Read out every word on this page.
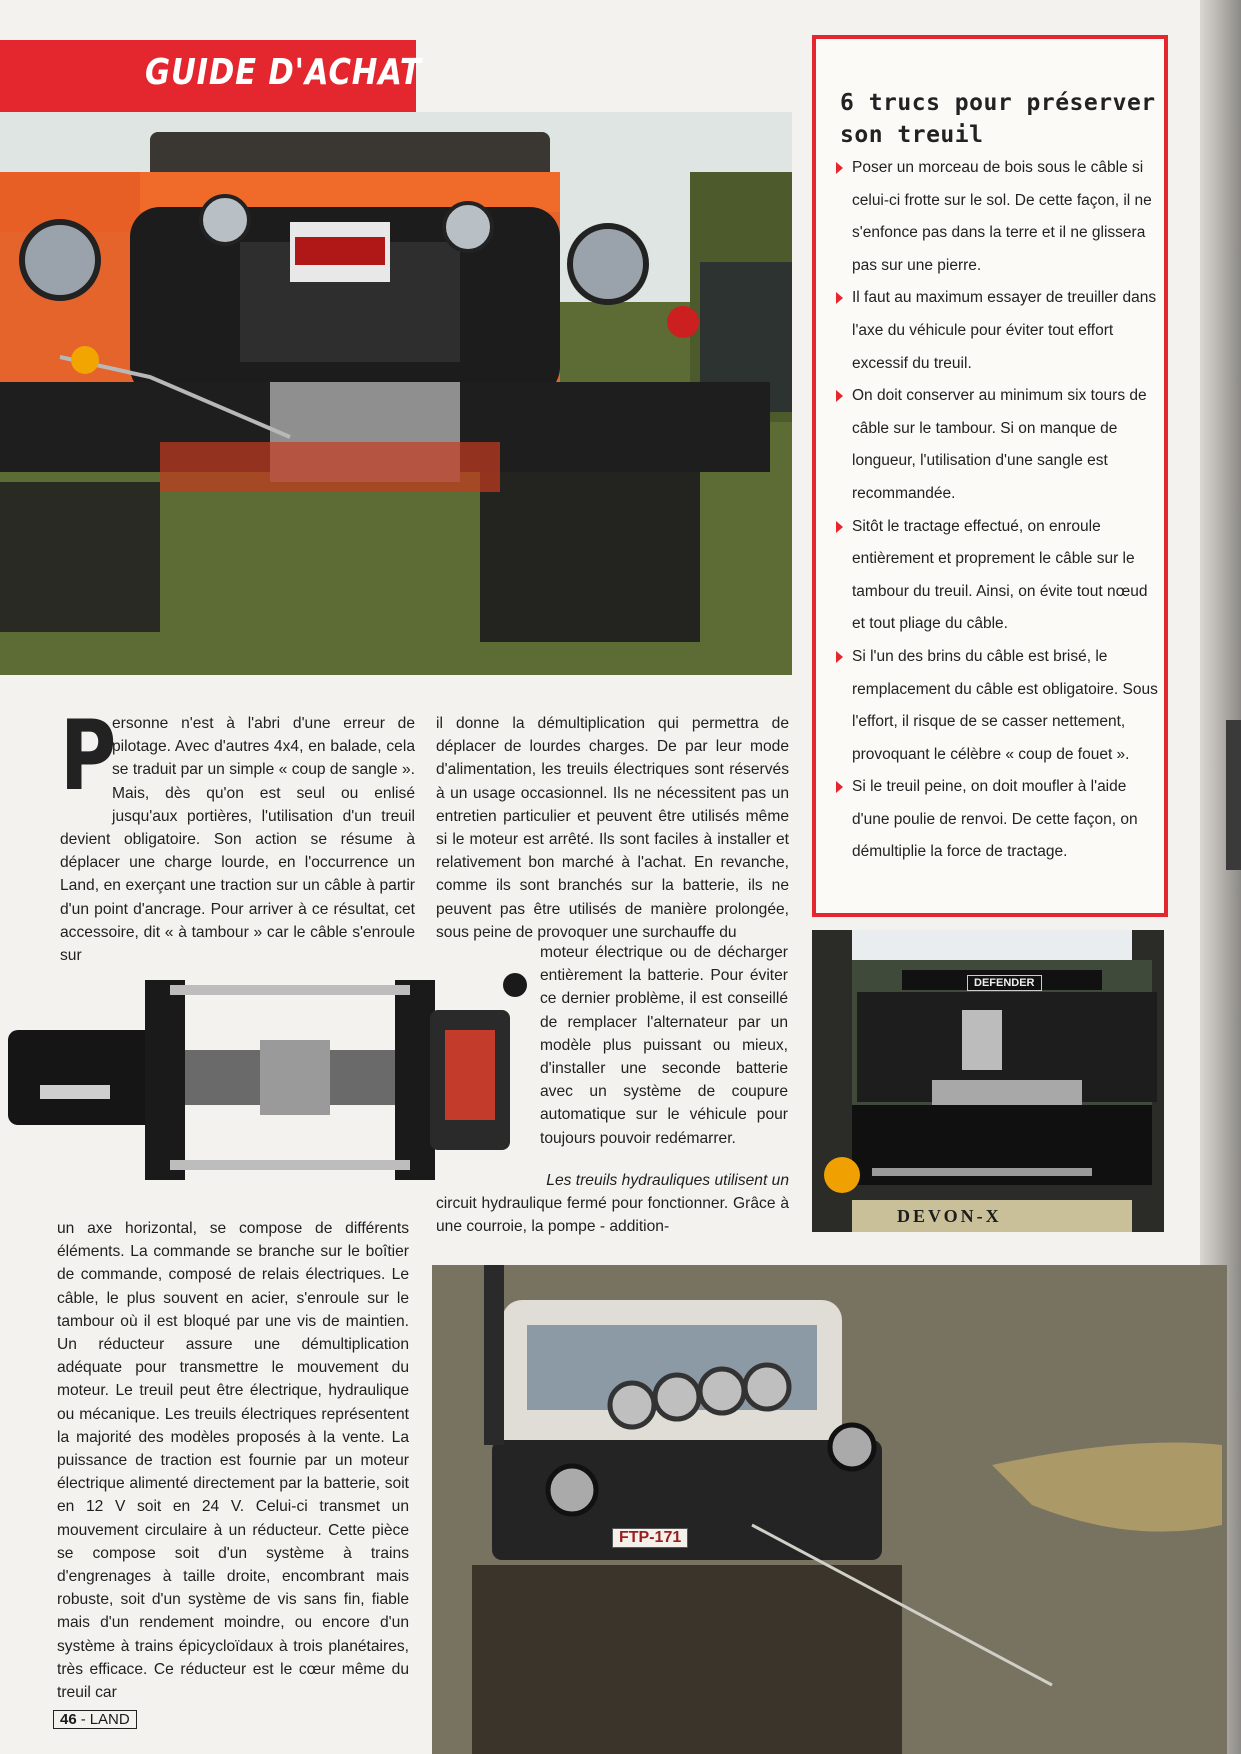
GUIDE D'ACHAT
6 trucs pour préserver son treuil
Poser un morceau de bois sous le câble si celui-ci frotte sur le sol. De cette façon, il ne s'enfonce pas dans la terre et il ne glissera pas sur une pierre.
Il faut au maximum essayer de treuiller dans l'axe du véhicule pour éviter tout effort excessif du treuil.
On doit conserver au minimum six tours de câble sur le tambour. Si on manque de longueur, l'utilisation d'une sangle est recommandée.
Sitôt le tractage effectué, on enroule entièrement et proprement le câble sur le tambour du treuil. Ainsi, on évite tout nœud et tout pliage du câble.
Si l'un des brins du câble est brisé, le remplacement du câble est obligatoire. Sous l'effort, il risque de se casser nettement, provoquant le célèbre « coup de fouet ».
Si le treuil peine, on doit moufler à l'aide d'une poulie de renvoi. De cette façon, on démultiplie la force de tractage.
P

ersonne n'est à l'abri d'une erreur de pilotage. Avec d'autres 4x4, en balade, cela se traduit par un simple « coup de sangle ». Mais, dès qu'on est seul ou enlisé jusqu'aux portières, l'utilisation d'un treuil devient obligatoire. Son action se résume à déplacer une charge lourde, en l'occurrence un Land, en exerçant une traction sur un câble à partir d'un point d'ancrage. Pour arriver à ce résultat, cet accessoire, dit « à tambour » car le câble s'enroule sur

il donne la démultiplication qui permettra de déplacer de lourdes charges. De par leur mode d'alimentation, les treuils électriques sont réservés à un usage occasionnel. Ils ne nécessitent pas un entretien particulier et peuvent être utilisés même si le moteur est arrêté. Ils sont faciles à installer et relativement bon marché à l'achat. En revanche, comme ils sont branchés sur la batterie, ils ne peuvent pas être utilisés de manière prolongée, sous peine de provoquer une surchauffe du

moteur électrique ou de décharger entièrement la batterie. Pour éviter ce dernier problème, il est conseillé de remplacer l'alternateur par un modèle plus puissant ou mieux, d'installer une seconde batterie avec un système de coupure automatique sur le véhicule pour toujours pouvoir redémarrer.

Les treuils hydrauliques utilisent un

circuit hydraulique fermé pour fonctionner. Grâce à une courroie, la pompe - addition-

un axe horizontal, se compose de différents éléments. La commande se branche sur le boîtier de commande, composé de relais électriques. Le câble, le plus souvent en acier, s'enroule sur le tambour où il est bloqué par une vis de maintien. Un réducteur assure une démultiplication adéquate pour transmettre le mouvement du moteur. Le treuil peut être électrique, hydraulique ou mécanique. Les treuils électriques représentent la majorité des modèles proposés à la vente. La puissance de traction est fournie par un moteur électrique alimenté directement par la batterie, soit en 12 V soit en 24 V. Celui-ci transmet un mouvement circulaire à un réducteur. Cette pièce se compose soit d'un système à trains d'engrenages à taille droite, encombrant mais robuste, soit d'un système de vis sans fin, fiable mais d'un rendement moindre, ou encore d'un système à trains épicycloïdaux à trois planétaires, très efficace. Ce réducteur est le cœur même du treuil car

DEFENDER
DEVON-X
FTP-171
46 - LAND
